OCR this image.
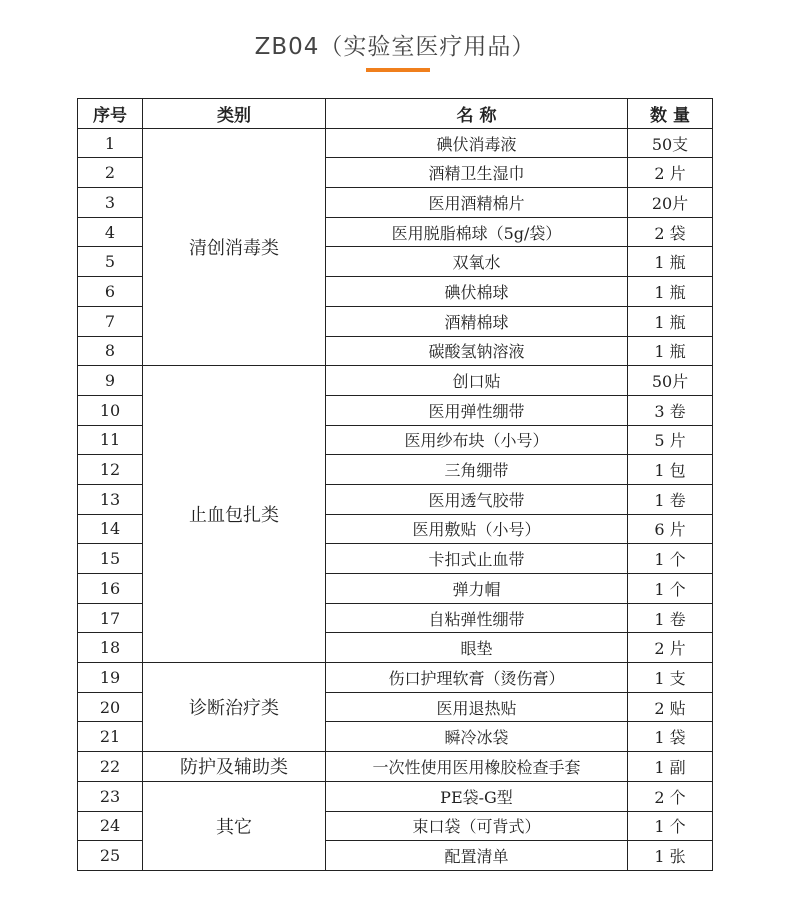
ZB04（实验室医疗用品）
序号	类别	名 称	数 量
1	清创消毒类	碘伏消毒液	50支
2		酒精卫生湿巾	2 片
3		医用酒精棉片	20片
4		医用脱脂棉球（5g/袋）	2 袋
5		双氧水	1 瓶
6		碘伏棉球	1 瓶
7		酒精棉球	1 瓶
8		碳酸氢钠溶液	1 瓶
9	止血包扎类	创口贴	50片
10		医用弹性绷带	3 卷
11		医用纱布块（小号）	5 片
12		三角绷带	1 包
13		医用透气胶带	1 卷
14		医用敷贴（小号）	6 片
15		卡扣式止血带	1 个
16		弹力帽	1 个
17		自粘弹性绷带	1 卷
18		眼垫	2 片
19	诊断治疗类	伤口护理软膏（烫伤膏）	1 支
20		医用退热贴	2 贴
21		瞬冷冰袋	1 袋
22	防护及辅助类	一次性使用医用橡胶检查手套	1 副
23	其它	PE袋-G型	2 个
24		束口袋（可背式）	1 个
25		配置清单	1 张
